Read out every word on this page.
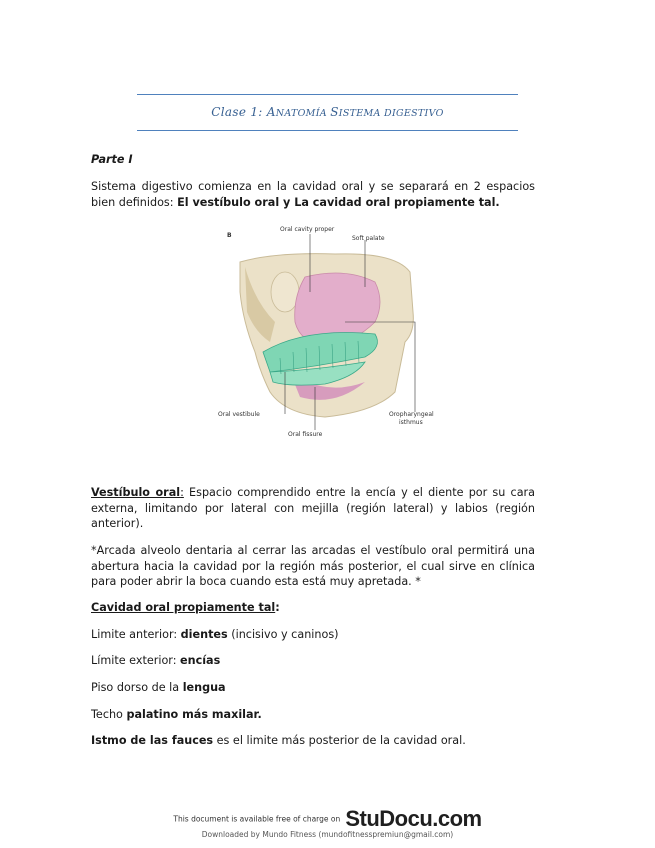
Clase 1: ANATOMÍA SISTEMA DIGESTIVO
Parte I
Sistema digestivo comienza en la cavidad oral y se separará en 2 espacios bien definidos: El vestíbulo oral y La cavidad oral propiamente tal.
B
Oral cavity proper
Soft palate
Oral vestibule
Oral fissure
Oropharyngeal
isthmus
Vestíbulo oral: Espacio comprendido entre la encía y el diente por su cara externa, limitando por lateral con mejilla (región lateral) y labios (región anterior).
*Arcada alveolo dentaria al cerrar las arcadas el vestíbulo oral permitirá una abertura hacia la cavidad por la región más posterior, el cual sirve en clínica para poder abrir la boca cuando esta está muy apretada. *
Cavidad oral propiamente tal:
Limite anterior: dientes (incisivo y caninos)
Límite exterior: encías
Piso dorso de la lengua
Techo palatino más maxilar.
Istmo de las fauces es el limite más posterior de la cavidad oral.
This document is available free of charge on StuDocu.com
Downloaded by Mundo Fitness (mundofitnesspremiun@gmail.com)
